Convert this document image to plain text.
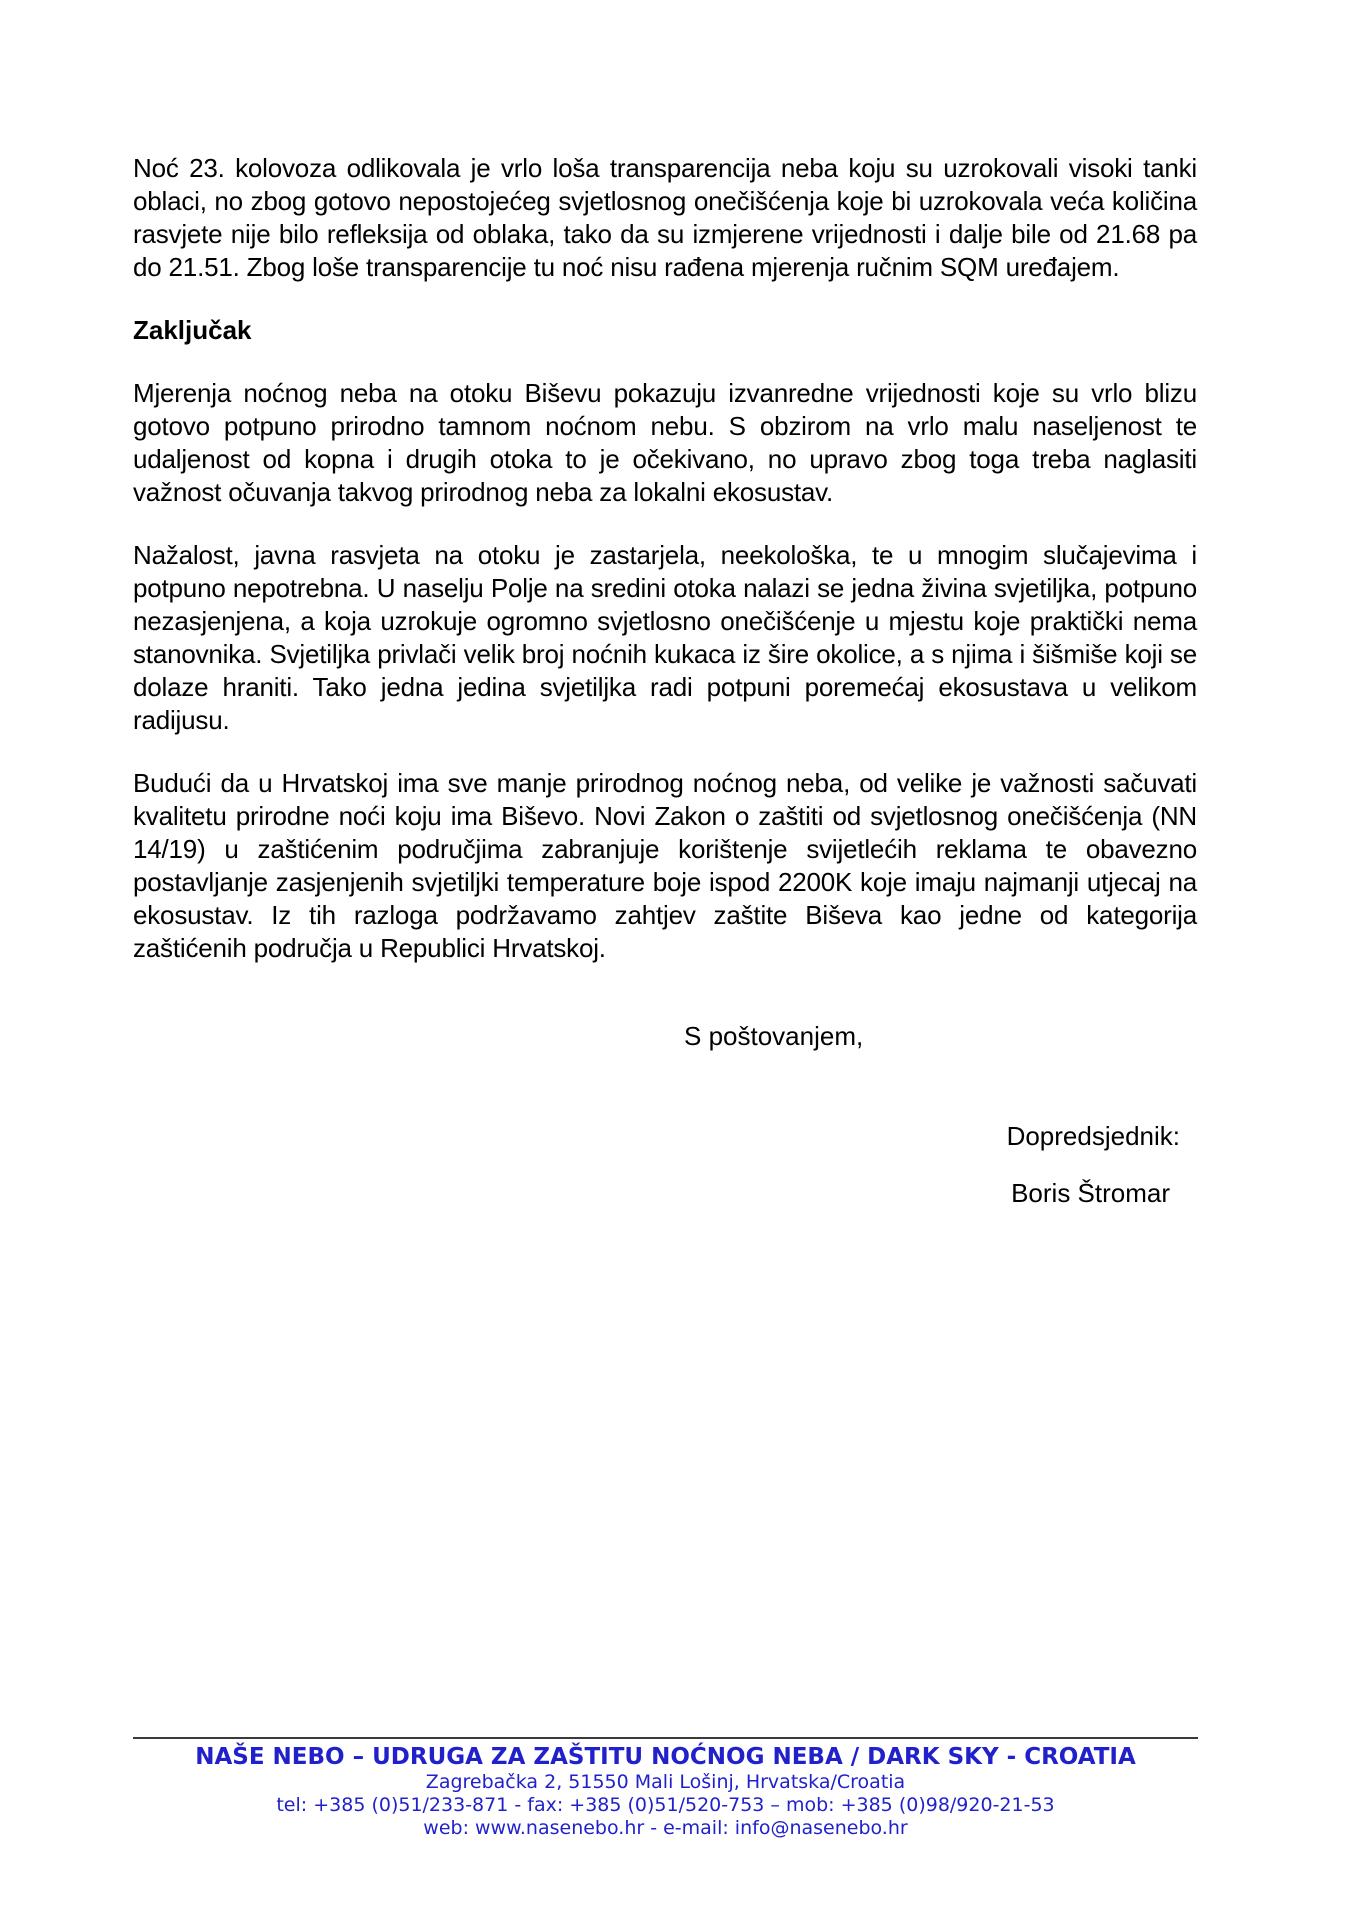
Noć 23. kolovoza odlikovala je vrlo loša transparencija neba koju su uzrokovali visoki tanki oblaci, no zbog gotovo nepostojećeg svjetlosnog onečišćenja koje bi uzrokovala veća količina rasvjete nije bilo refleksija od oblaka, tako da su izmjerene vrijednosti i dalje bile od 21.68 pa do 21.51. Zbog loše transparencije tu noć nisu rađena mjerenja ručnim SQM uređajem.

Zaključak

Mjerenja noćnog neba na otoku Biševu pokazuju izvanredne vrijednosti koje su vrlo blizu gotovo potpuno prirodno tamnom noćnom nebu. S obzirom na vrlo malu naseljenost te udaljenost od kopna i drugih otoka to je očekivano, no upravo zbog toga treba naglasiti važnost očuvanja takvog prirodnog neba za lokalni ekosustav.

Nažalost, javna rasvjeta na otoku je zastarjela, neekološka, te u mnogim slučajevima i potpuno nepotrebna. U naselju Polje na sredini otoka nalazi se jedna živina svjetiljka, potpuno nezasjenjena, a koja uzrokuje ogromno svjetlosno onečišćenje u mjestu koje praktički nema stanovnika. Svjetiljka privlači velik broj noćnih kukaca iz šire okolice, a s njima i šišmiše koji se dolaze hraniti. Tako jedna jedina svjetiljka radi potpuni poremećaj ekosustava u velikom radijusu.

Budući da u Hrvatskoj ima sve manje prirodnog noćnog neba, od velike je važnosti sačuvati kvalitetu prirodne noći koju ima Biševo. Novi Zakon o zaštiti od svjetlosnog onečišćenja (NN 14/19) u zaštićenim područjima zabranjuje korištenje svijetlećih reklama te obavezno postavljanje zasjenjenih svjetiljki temperature boje ispod 2200K koje imaju najmanji utjecaj na ekosustav. Iz tih razloga podržavamo zahtjev zaštite Biševa kao jedne od kategorija zaštićenih područja u Republici Hrvatskoj.

S poštovanjem,

Dopredsjednik:

Boris Štromar

NAŠE NEBO – UDRUGA ZA ZAŠTITU NOĆNOG NEBA / DARK SKY - CROATIA
Zagrebačka 2, 51550 Mali Lošinj, Hrvatska/Croatia
tel: +385 (0)51/233-871 - fax: +385 (0)51/520-753 – mob: +385 (0)98/920-21-53
web: www.nasenebo.hr - e-mail: info@nasenebo.hr
